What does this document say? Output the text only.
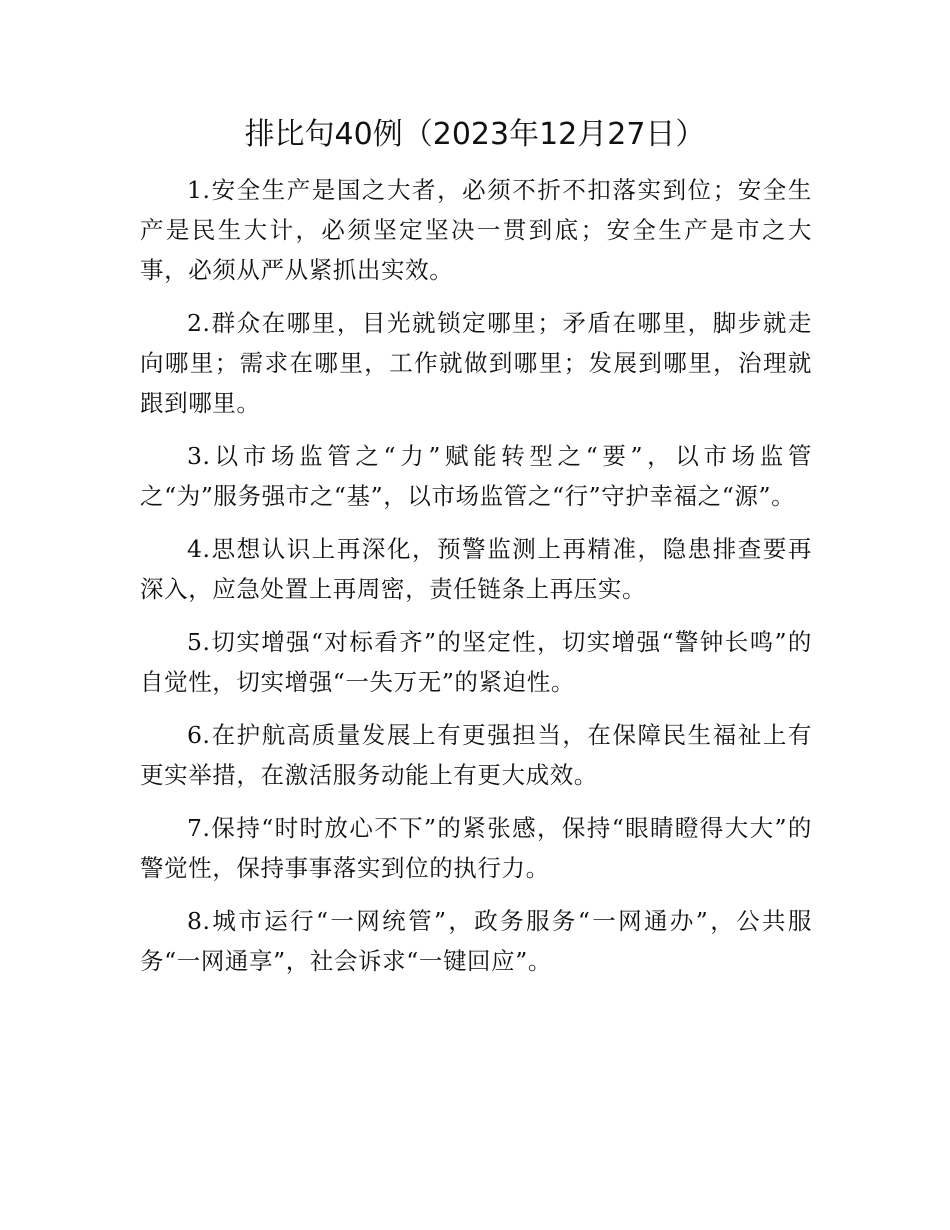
排比句40例（2023年12月27日）

1.安全生产是国之大者，必须不折不扣落实到位；安全生产是民生大计，必须坚定坚决一贯到底；安全生产是市之大事，必须从严从紧抓出实效。

2.群众在哪里，目光就锁定哪里；矛盾在哪里，脚步就走向哪里；需求在哪里，工作就做到哪里；发展到哪里，治理就跟到哪里。

3.以市场监管之“力”赋能转型之“要”，以市场监管之“为”服务强市之“基”，以市场监管之“行”守护幸福之“源”。

4.思想认识上再深化，预警监测上再精准，隐患排查要再深入，应急处置上再周密，责任链条上再压实。

5.切实增强“对标看齐”的坚定性，切实增强“警钟长鸣”的自觉性，切实增强“一失万无”的紧迫性。

6.在护航高质量发展上有更强担当，在保障民生福祉上有更实举措，在激活服务动能上有更大成效。

7.保持“时时放心不下”的紧张感，保持“眼睛瞪得大大”的警觉性，保持事事落实到位的执行力。

8.城市运行“一网统管”，政务服务“一网通办”，公共服务“一网通享”，社会诉求“一键回应”。
